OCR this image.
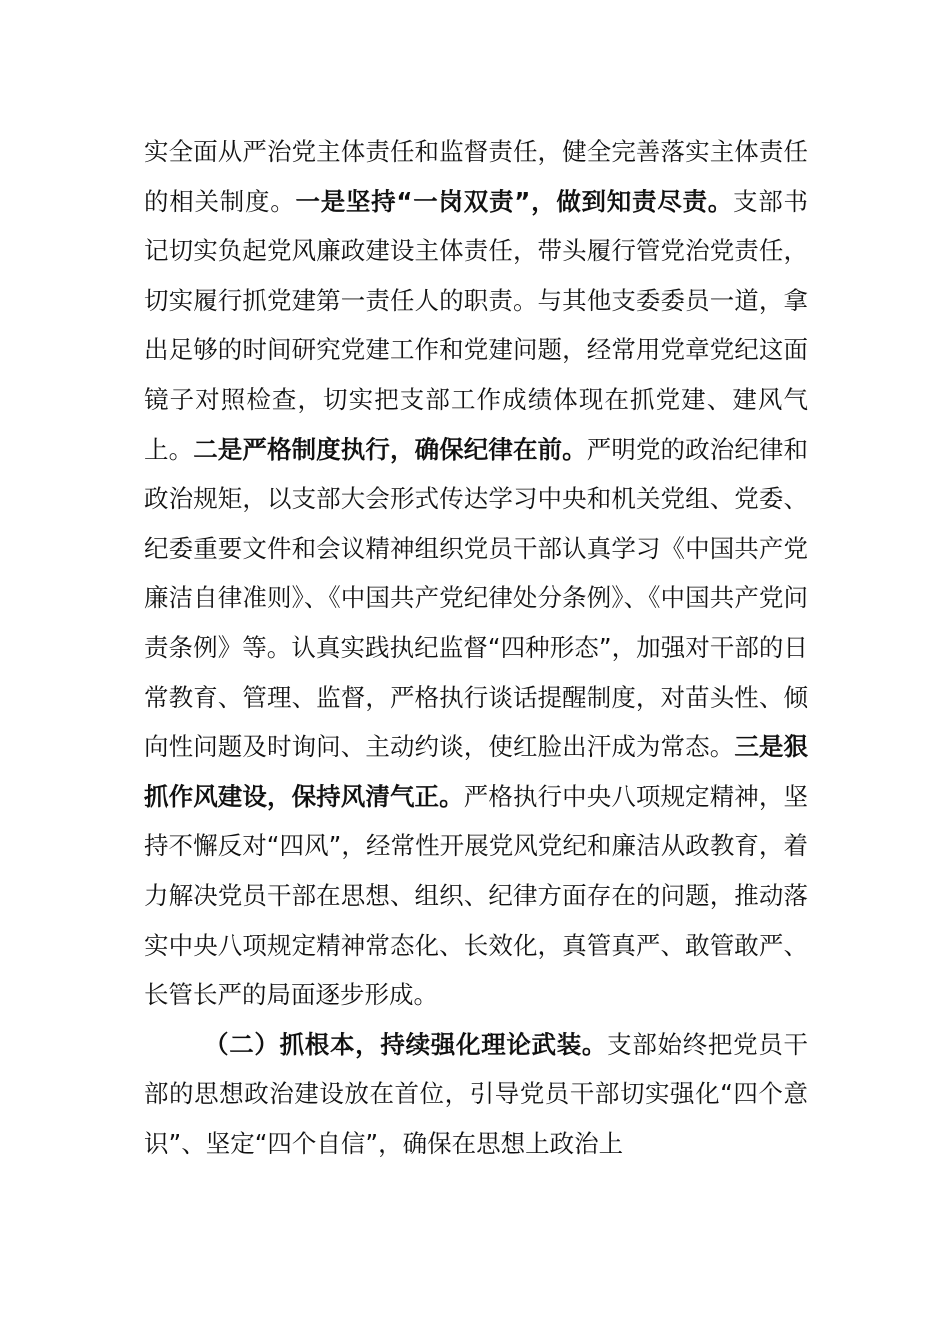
实全面从严治党主体责任和监督责任，健全完善落实主体责任的相关制度。一是坚持“一岗双责”，做到知责尽责。支部书记切实负起党风廉政建设主体责任，带头履行管党治党责任，切实履行抓党建第一责任人的职责。与其他支委委员一道，拿出足够的时间研究党建工作和党建问题，经常用党章党纪这面镜子对照检查，切实把支部工作成绩体现在抓党建、建风气上。二是严格制度执行，确保纪律在前。严明党的政治纪律和政治规矩，以支部大会形式传达学习中央和机关党组、党委、纪委重要文件和会议精神组织党员干部认真学习《中国共产党廉洁自律准则》、《中国共产党纪律处分条例》、《中国共产党问责条例》等。认真实践执纪监督“四种形态”，加强对干部的日常教育、管理、监督，严格执行谈话提醒制度，对苗头性、倾向性问题及时询问、主动约谈，使红脸出汗成为常态。三是狠抓作风建设，保持风清气正。严格执行中央八项规定精神，坚持不懈反对“四风”，经常性开展党风党纪和廉洁从政教育，着力解决党员干部在思想、组织、纪律方面存在的问题，推动落实中央八项规定精神常态化、长效化，真管真严、敢管敢严、长管长严的局面逐步形成。

（二）抓根本，持续强化理论武装。支部始终把党员干部的思想政治建设放在首位，引导党员干部切实强化“四个意识”、坚定“四个自信”，确保在思想上政治上
